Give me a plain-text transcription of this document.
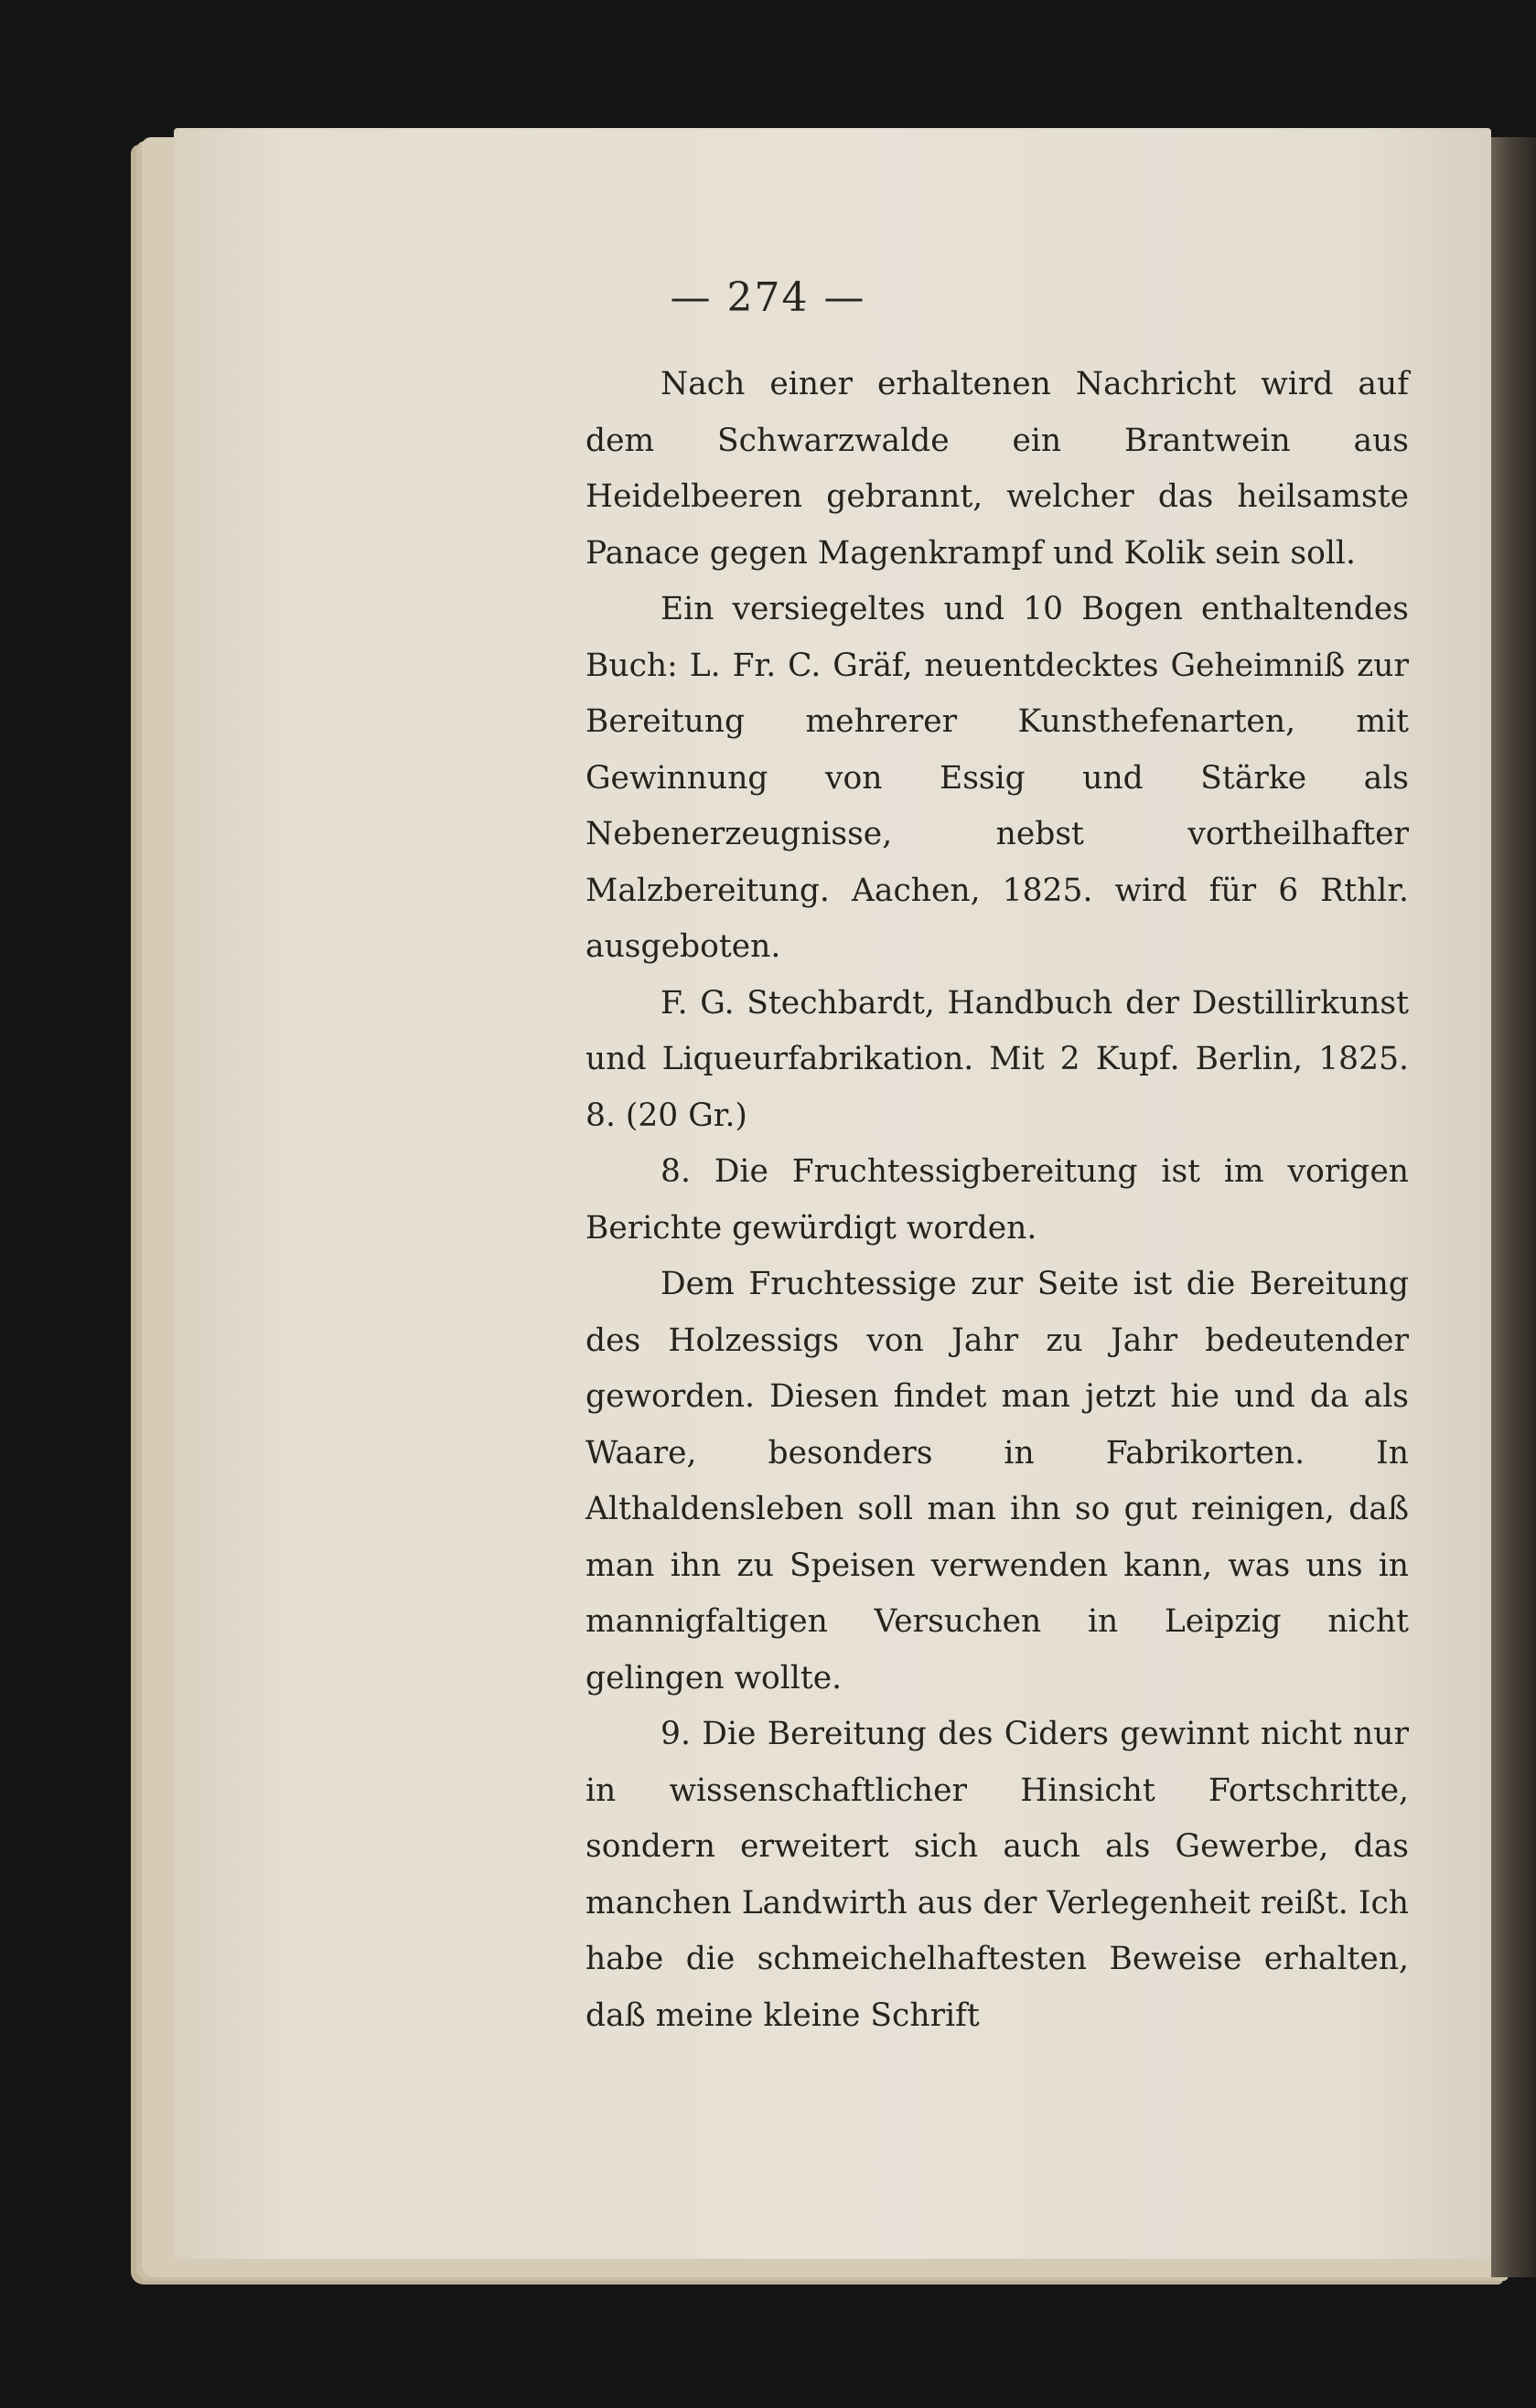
— 274 —

Nach einer erhaltenen Nachricht wird auf dem Schwarzwalde ein Brantwein aus Heidelbeeren gebrannt, welcher das heilsamste Panace gegen Magenkrampf und Kolik sein soll.

Ein versiegeltes und 10 Bogen enthaltendes Buch: L. Fr. C. Gräf, neuentdecktes Geheimniß zur Bereitung mehrerer Kunsthefenarten, mit Gewinnung von Essig und Stärke als Nebenerzeugnisse, nebst vortheilhafter Malzbereitung. Aachen, 1825. wird für 6 Rthlr. ausgeboten.

F. G. Stechbardt, Handbuch der Destillirkunst und Liqueurfabrikation. Mit 2 Kupf. Berlin, 1825. 8. (20 Gr.)

8. Die Fruchtessigbereitung ist im vorigen Berichte gewürdigt worden.

Dem Fruchtessige zur Seite ist die Bereitung des Holzessigs von Jahr zu Jahr bedeutender geworden. Diesen findet man jetzt hie und da als Waare, besonders in Fabrikorten. In Althaldensleben soll man ihn so gut reinigen, daß man ihn zu Speisen verwenden kann, was uns in mannigfaltigen Versuchen in Leipzig nicht gelingen wollte.

9. Die Bereitung des Ciders gewinnt nicht nur in wissenschaftlicher Hinsicht Fortschritte, sondern erweitert sich auch als Gewerbe, das manchen Landwirth aus der Verlegenheit reißt. Ich habe die schmeichelhaftesten Beweise erhalten, daß meine kleine Schrift
